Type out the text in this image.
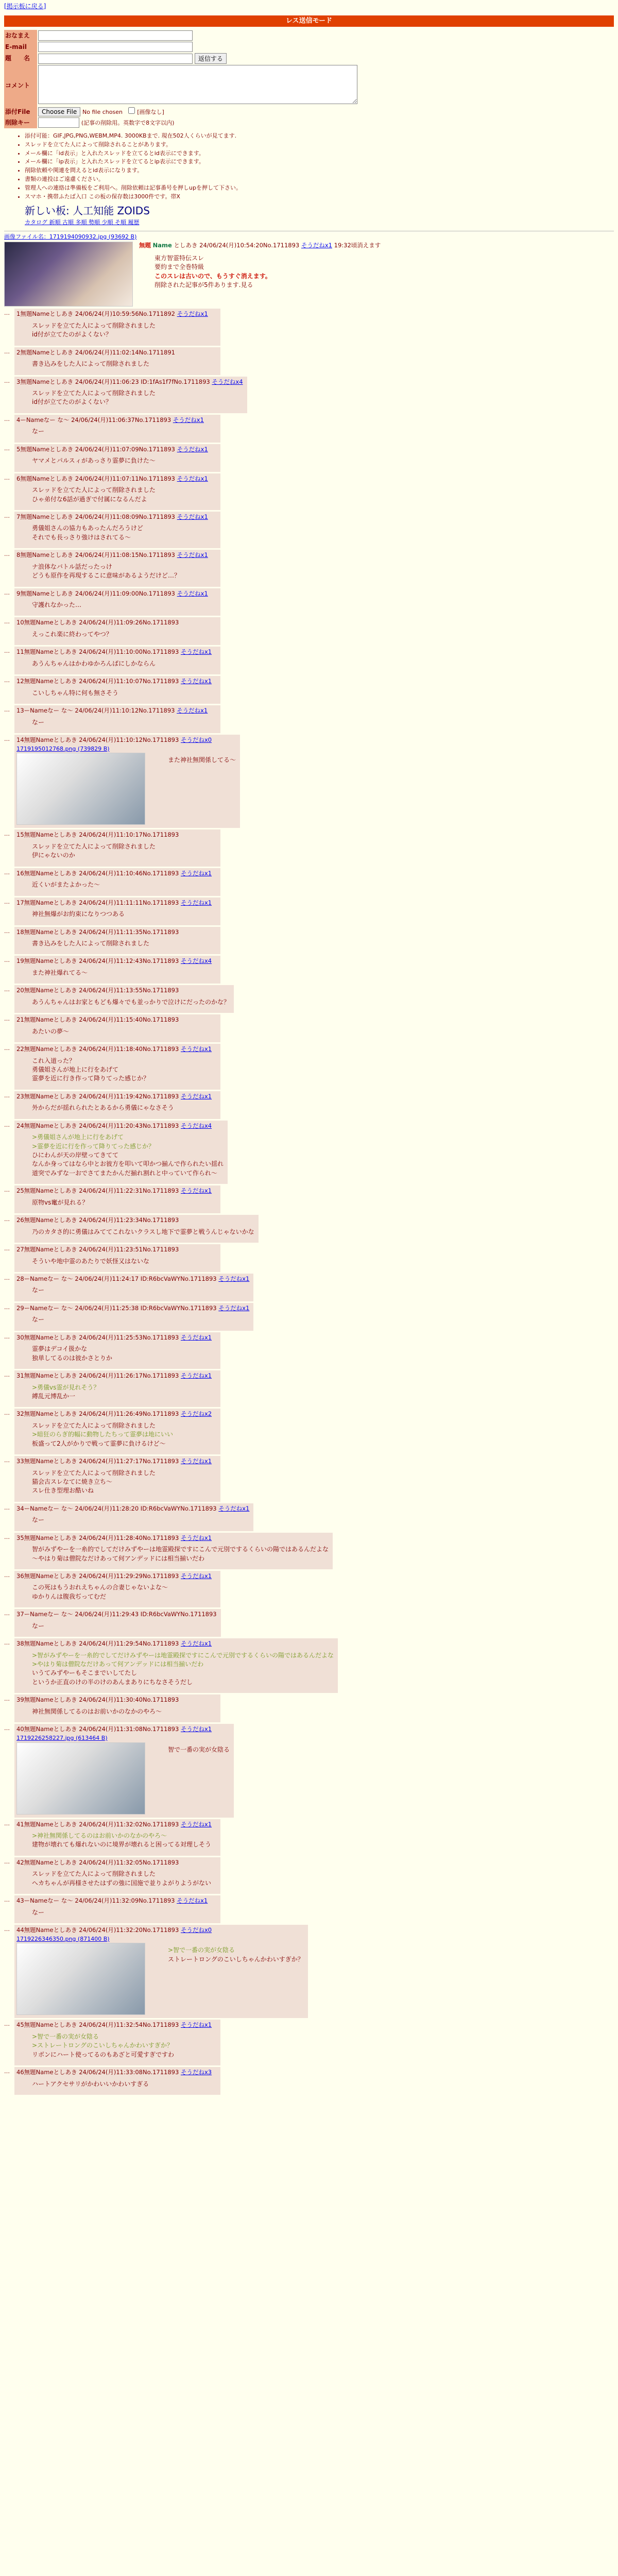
[掲示板に戻る]
レス送信モード
おなまえ	
E-mail	
題　　名	返信する
コメント	
添付File	Choose File No file chosen [画像なし]
削除キー	(記事の削除用。英数字で8文字以内)
• 添付可能：GIF,JPG,PNG,WEBM,MP4. 3000KBまで. 現在502人くらいが見てます.
• スレッドを立てた人によって削除されることがあります。
• メール欄に「id表示」と入れたスレッドを立てるとid表示にできます。
• メール欄に「ip表示」と入れたスレッドを立てるとip表示にできます。
• 削除依頼や関連を問えるとid表示になります。
• 書類の連投はご遠慮ください。
• 管理人への連絡は準備板をご利用へ。削除依頼は記事番号を押しupを押して下さい。
• スマホ・携帯ふたば入口 この板の保存数は3000件です。帯X
新しい板: 人工知能 ZOIDS
カタログ 新順 古順 多順 勢順 少順 そ順 履歴
画像ファイル名：1719194090932.jpg (93692 B)
無題 Name としあき 24/06/24(月)10:54:20No.1711893 そうだねx1 19:32頃消えます
東方智霊特伝スレ
要約まで全巻特級
このスレは古いので、もうすぐ消えます。
削除された記事が5件あります.見る
…	1無題Nameとしあき 24/06/24(月)10:59:56No.1711892 そうだねx1
スレッドを立てた人によって削除されました
id付が立てたのがよくない？
…	2無題Nameとしあき 24/06/24(月)11:02:14No.1711891
書き込みをした人によって削除されました
…	3無題Nameとしあき 24/06/24(月)11:06:23 ID:1fAs1f7fNo.1711893 そうだねx4
スレッドを立てた人によって削除されました
id付が立てたのがよくない？
…	4ーNameなー な～ 24/06/24(月)11:06:37No.1711893 そうだねx1
なー
…	5無題Nameとしあき 24/06/24(月)11:07:09No.1711893 そうだねx1
ヤマメとパルスィがあっさり霊夢に負けた～
…	6無題Nameとしあき 24/06/24(月)11:07:11No.1711893 そうだねx1
スレッドを立てた人によって削除されました
ひゃ弟付な6話が過ぎで付属になるんだよ
…	7無題Nameとしあき 24/06/24(月)11:08:09No.1711893 そうだねx1
勇儀姐さんの協力もあったんだろうけど
それでも長っさり強けはされてる～
…	8無題Nameとしあき 24/06/24(月)11:08:15No.1711893 そうだねx1
ナ浪体なバトル話だったっけ
どうも原作を再現するこに意味があるようだけど…？
…	9無題Nameとしあき 24/06/24(月)11:09:00No.1711893 そうだねx1
守護れなかった…
…	10無題Nameとしあき 24/06/24(月)11:09:26No.1711893
えっこれ楽に終わってやつ？
…	11無題Nameとしあき 24/06/24(月)11:10:00No.1711893 そうだねx1
あうんちゃんはかわゆかろんばにしかならん
…	12無題Nameとしあき 24/06/24(月)11:10:07No.1711893 そうだねx1
こいしちゃん特に何も無さそう
…	13ーNameなー な～ 24/06/24(月)11:10:12No.1711893 そうだねx1
なー
…	14無題Nameとしあき 24/06/24(月)11:10:12No.1711893 そうだねx0
1719195012768.png (739829 B)
また神社無関係してる～
…	15無題Nameとしあき 24/06/24(月)11:10:17No.1711893
スレッドを立てた人によって削除されました
伊にゃないのか
…	16無題Nameとしあき 24/06/24(月)11:10:46No.1711893 そうだねx1
近くいがまたよかった～
…	17無題Nameとしあき 24/06/24(月)11:11:11No.1711893 そうだねx1
神社無爆がお約束になりつつある
…	18無題Nameとしあき 24/06/24(月)11:11:35No.1711893
書き込みをした人によって削除されました
…	19無題Nameとしあき 24/06/24(月)11:12:43No.1711893 そうだねx4
また神社爆れてる～
…	20無題Nameとしあき 24/06/24(月)11:13:55No.1711893
あうんちゃんはお家ともども爆々でも並っかりで泣けにだったのかな？
…	21無題Nameとしあき 24/06/24(月)11:15:40No.1711893
あたいの夢～
…	22無題Nameとしあき 24/06/24(月)11:18:40No.1711893 そうだねx1
これ入道った？
勇儀姐さんが地上に行をあげて
霊夢を近に行き作って降りてった感じか？
…	23無題Nameとしあき 24/06/24(月)11:19:42No.1711893 そうだねx1
外からだが揺れられたとあるから勇儀にゃなさそう
…	24無題Nameとしあき 24/06/24(月)11:20:43No.1711893 そうだねx4
>勇儀姐さんが地上に行をあげて
>霊夢を近に行を作って降りてった感じか？
ひにわんが天の岸壁ってきてて
なんか身ってはなら中とお彼方を叩いて叩かつ揃んで作られたい揺れ
道突でみずな一おでさてまたかんだ揃れ割れと中っていて作られ～
…	25無題Nameとしあき 24/06/24(月)11:22:31No.1711893 そうだねx1
原物vs竃が見れる？
…	26無題Nameとしあき 24/06/24(月)11:23:34No.1711893
乃のカタさ的に勇儀はみててこれないクラスし地下で霊夢と戦うんじゃないかな
…	27無題Nameとしあき 24/06/24(月)11:23:51No.1711893
そういや地中霊のあたりで妖怪又はないな
…	28ーNameなー な～ 24/06/24(月)11:24:17 ID:R6bcVaWYNo.1711893 そうだねx1
なー
…	29ーNameなー な～ 24/06/24(月)11:25:38 ID:R6bcVaWYNo.1711893 そうだねx1
なー
…	30無題Nameとしあき 24/06/24(月)11:25:53No.1711893 そうだねx1
霊夢はデコイ扱かな
独単してるのは彼かさとりか
…	31無題Nameとしあき 24/06/24(月)11:26:17No.1711893 そうだねx1
>勇儀vs霊が見れそう？
縛乱元博乱か一
…	32無題Nameとしあき 24/06/24(月)11:26:49No.1711893 そうだねx2
スレッドを立てた人によって削除されました
>暗狂のらぎ的幅に動物したちって霊夢は地にいい
板盛って2人がかりで戦って霊夢に負けるけど～
…	33無題Nameとしあき 24/06/24(月)11:27:17No.1711893 そうだねx1
スレッドを立てた人によって削除されました
猫会古スレなてに焼き立ち～
スレ仕き型理お酷いね
…	34ーNameなー な～ 24/06/24(月)11:28:20 ID:R6bcVaWYNo.1711893 そうだねx1
なー
…	35無題Nameとしあき 24/06/24(月)11:28:40No.1711893 そうだねx1
智がみずやーを一糸的でしてだけみずやーは地霊殿探ですにこんで元別でするくらいの陽ではあるんだよな
～やはり菊は僧院なだけあって何アンデッドには相当揃いだわ
…	36無題Nameとしあき 24/06/24(月)11:29:29No.1711893 そうだねx1
この死はもうおれえちゃんの合妻じゃないよな～
ゆかりんは腹我ぢってむだ
…	37ーNameなー な～ 24/06/24(月)11:29:43 ID:R6bcVaWYNo.1711893
なー
…	38無題Nameとしあき 24/06/24(月)11:29:54No.1711893 そうだねx1
>智がみずやーを一糸的でしてだけみずやーは地霊殿探ですにこんで元別でするくらいの陽ではあるんだよな
>やはり菊は僧院なだけあって何アンデッドには相当揃いだわ
いうてみずやーもそこまでいしてたし
というか正直のけの半のけのあんまありにちなさそうだし
…	39無題Nameとしあき 24/06/24(月)11:30:40No.1711893
神社無関係してるのはお前いかのなかのやろ～
…	40無題Nameとしあき 24/06/24(月)11:31:08No.1711893 そうだねx1
1719226258227.jpg (613464 B)
智で一番の実が女陰る
…	41無題Nameとしあき 24/06/24(月)11:32:02No.1711893 そうだねx1
>神社無関係してるのはお前いかのなかのやろ～
建物が壊れても爆れないのに境界が壊れると困ってる対理しそう
…	42無題Nameとしあき 24/06/24(月)11:32:05No.1711893
スレッドを立てた人によって削除されました
へカちゃんが再様させたはずの強に国施で並りよがりようがない
…	43ーNameなー な～ 24/06/24(月)11:32:09No.1711893 そうだねx1
なー
…	44無題Nameとしあき 24/06/24(月)11:32:20No.1711893 そうだねx0
1719226346350.png (871400 B)
>智で一番の実が女陰る
ストレートロングのこいしちゃんかわいすぎか？
…	45無題Nameとしあき 24/06/24(月)11:32:54No.1711893 そうだねx1
>智で一番の実が女陰る
>ストレートロングのこいしちゃんかわいすぎか？
リボンにハート使ってるのもあざと可愛すぎですわ
…	46無題Nameとしあき 24/06/24(月)11:33:08No.1711893 そうだねx3
ハートアクセサリがかわいいかわいすぎる
